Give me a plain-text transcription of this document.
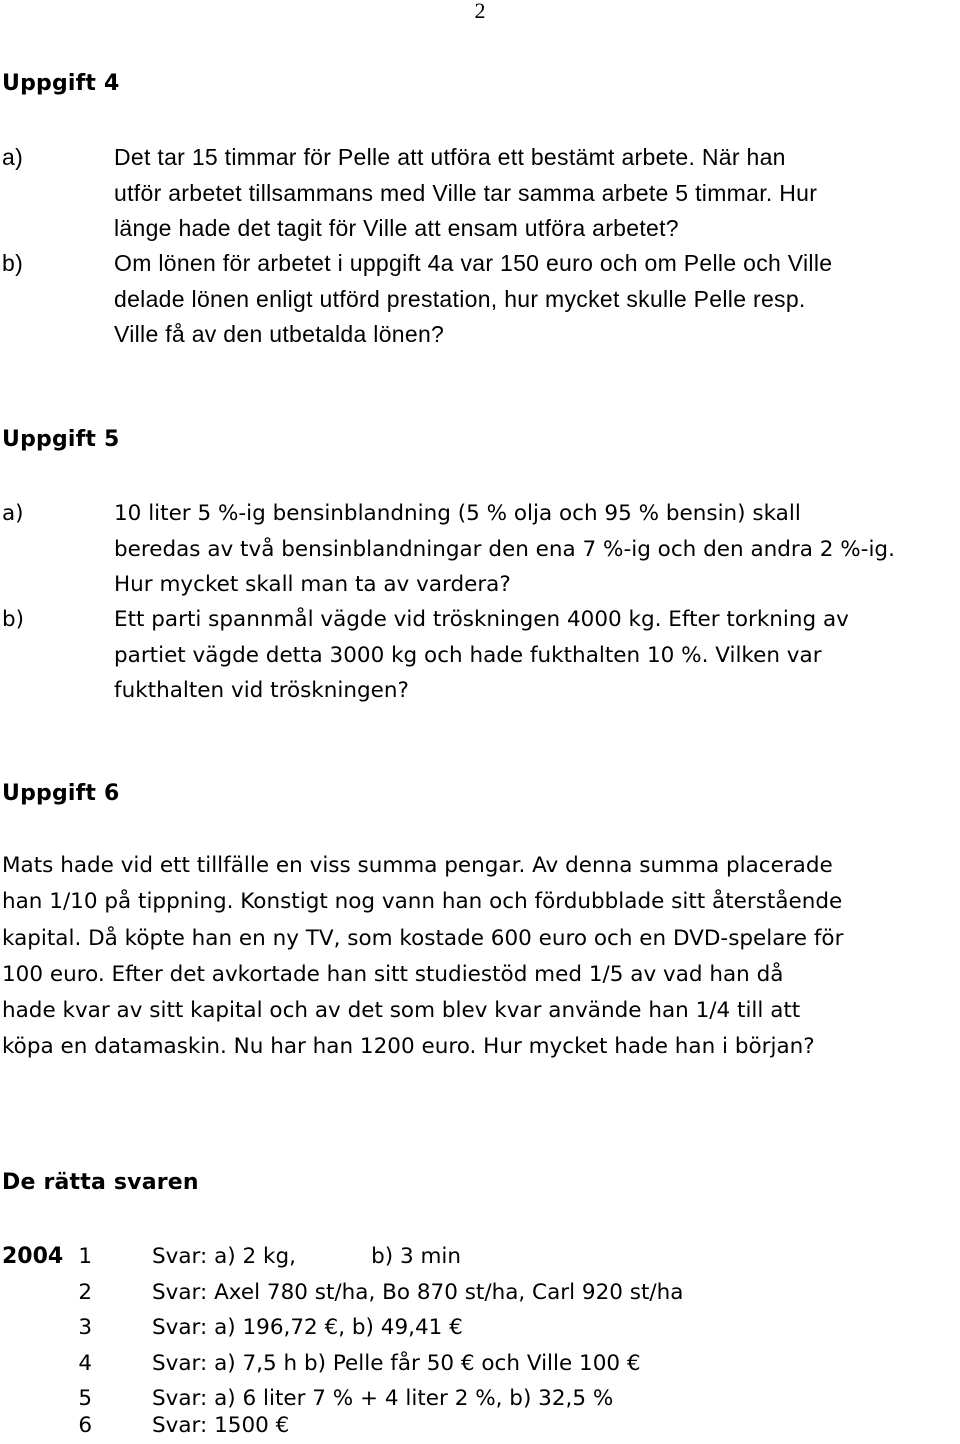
2
Uppgift 4
a)	Det tar 15 timmar för Pelle att utföra ett bestämt arbete. När han
utför arbetet tillsammans med Ville tar samma arbete 5 timmar. Hur
länge hade det tagit för Ville att ensam utföra arbetet?
b)	Om lönen för arbetet i uppgift 4a var 150 euro och om Pelle och Ville
delade lönen enligt utförd prestation, hur mycket skulle Pelle resp.
Ville få av den utbetalda lönen?
Uppgift 5
a)	10 liter 5 %-ig bensinblandning (5 % olja och 95 % bensin) skall
beredas av två bensinblandningar den ena 7 %-ig och den andra 2 %-ig.
Hur mycket skall man ta av vardera?
b)	Ett parti spannmål vägde vid tröskningen 4000 kg. Efter torkning av
partiet vägde detta 3000 kg och hade fukthalten 10 %. Vilken var
fukthalten vid tröskningen?
Uppgift 6
Mats hade vid ett tillfälle en viss summa pengar. Av denna summa placerade
han 1/10 på tippning. Konstigt nog vann han och fördubblade sitt återstående
kapital. Då köpte han en ny TV, som kostade 600 euro och en DVD-spelare för
100 euro. Efter det avkortade han sitt studiestöd med 1/5 av vad han då
hade kvar av sitt kapital och av det som blev kvar använde han 1/4 till att
köpa en datamaskin. Nu har han 1200 euro. Hur mycket hade han i början?
De rätta svaren
2004 1	Svar: a) 2 kg,           b) 3 min
2	Svar: Axel 780 st/ha, Bo 870 st/ha, Carl 920 st/ha
3	Svar: a) 196,72 €, b) 49,41 €
4	Svar: a) 7,5 h b) Pelle får 50 € och Ville 100 €
5	Svar: a) 6 liter 7 % + 4 liter 2 %, b) 32,5 %
6	Svar: 1500 €
